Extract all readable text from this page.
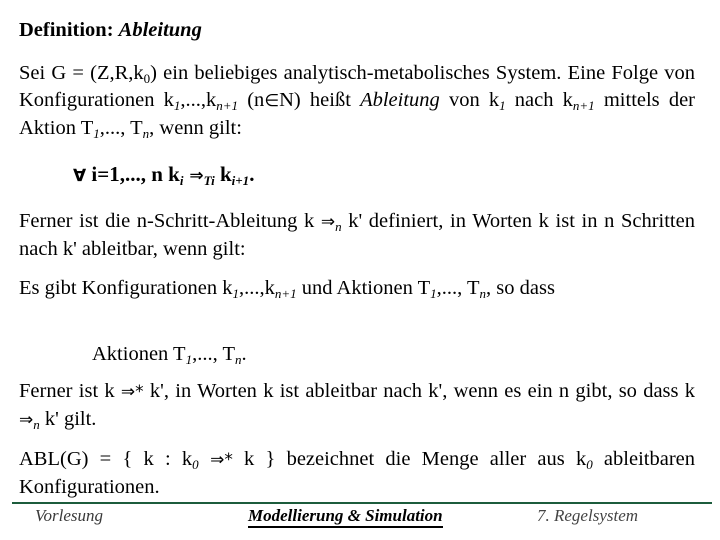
Definition: Ableitung
Sei $G = (Z,R,k_0)$ ein beliebiges analytisch-metabolisches System. Eine Folge von Konfigurationen $k_1,...,k_{n+1}$ (n∈N) heißt Ableitung von $k_1$ nach $k_{n+1}$ mittels der Aktion $T_1$,..., $T_n$, wenn gilt:
∀ i=1,..., n $k_i$ $\Rightarrow_{Ti}$ $k_{i+1}$.
Ferner ist die n-Schritt-Ableitung k $\Rightarrow_n$ k' definiert, in Worten k ist in n Schritten nach k' ableitbar, wenn gilt:
Es gibt Konfigurationen $k_1,...,k_{n+1}$ und Aktionen $T_1$,..., $T_n$, so dass
Aktionen $T_1$,..., $T_n$.
Ferner ist k ⇒* k', in Worten k ist ableitbar nach k', wenn es ein n gibt, so dass k $\Rightarrow_n$ k' gilt.
ABL(G) = { k : $k_0$ ⇒* k } bezeichnet die Menge aller aus $k_0$ ableitbaren Konfigurationen.
Vorlesung	Modellierung & Simulation	7. Regelsystem
